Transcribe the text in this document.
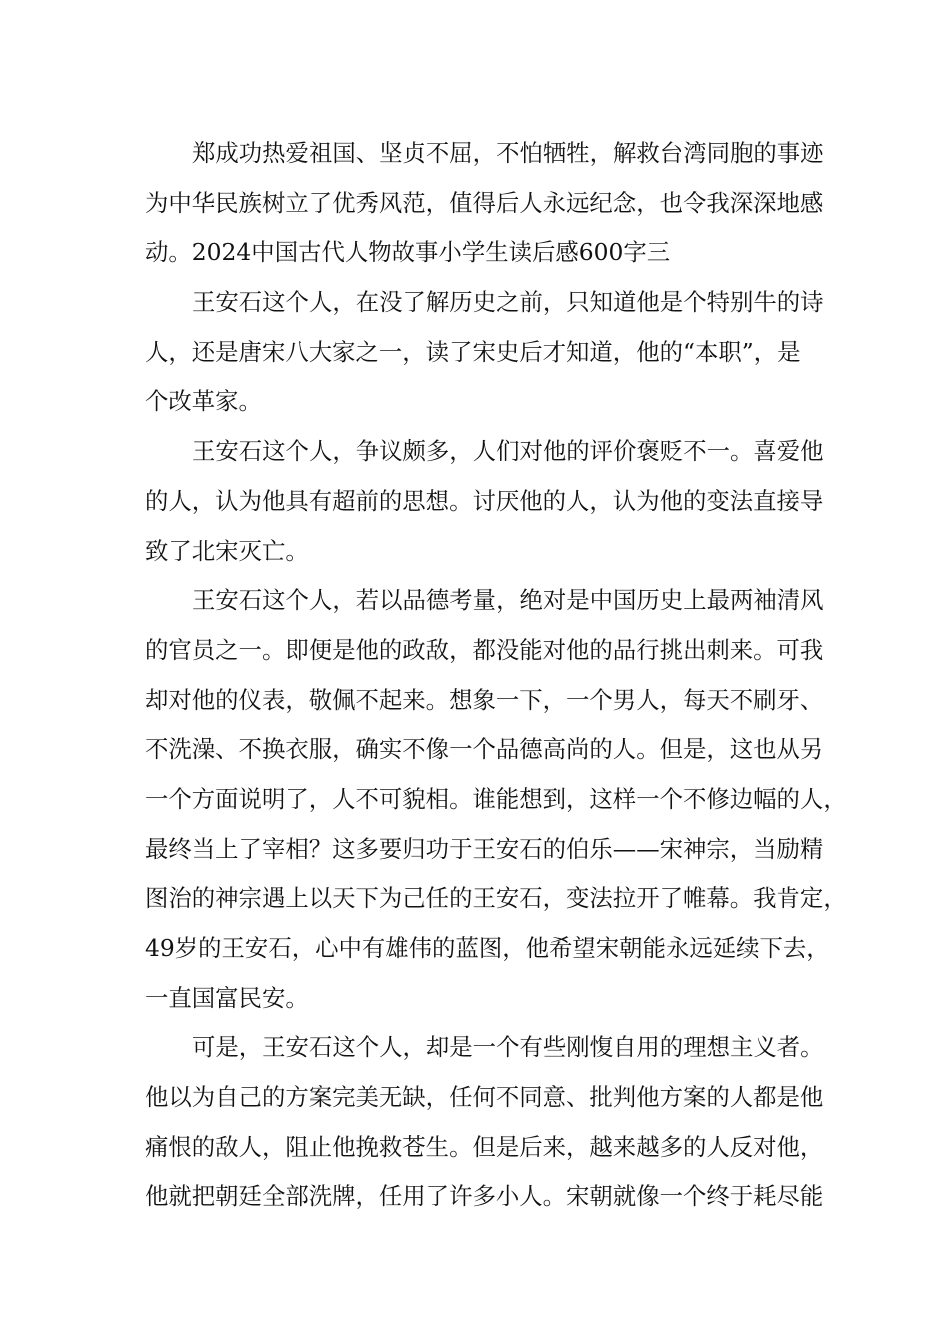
郑成功热爱祖国、坚贞不屈，不怕牺牲，解救台湾同胞的事迹
为中华民族树立了优秀风范，值得后人永远纪念，也令我深深地感
动。2024中国古代人物故事小学生读后感600字三
王安石这个人，在没了解历史之前，只知道他是个特别牛的诗
人，还是唐宋八大家之一，读了宋史后才知道，他的“本职”，是
个改革家。
王安石这个人，争议颇多，人们对他的评价褒贬不一。喜爱他
的人，认为他具有超前的思想。讨厌他的人，认为他的变法直接导
致了北宋灭亡。
王安石这个人，若以品德考量，绝对是中国历史上最两袖清风
的官员之一。即便是他的政敌，都没能对他的品行挑出刺来。可我
却对他的仪表，敬佩不起来。想象一下，一个男人，每天不刷牙、
不洗澡、不换衣服，确实不像一个品德高尚的人。但是，这也从另
一个方面说明了，人不可貌相。谁能想到，这样一个不修边幅的人，
最终当上了宰相？这多要归功于王安石的伯乐——宋神宗，当励精
图治的神宗遇上以天下为己任的王安石，变法拉开了帷幕。我肯定，
49岁的王安石，心中有雄伟的蓝图，他希望宋朝能永远延续下去，
一直国富民安。
可是，王安石这个人，却是一个有些刚愎自用的理想主义者。
他以为自己的方案完美无缺，任何不同意、批判他方案的人都是他
痛恨的敌人，阻止他挽救苍生。但是后来，越来越多的人反对他，
他就把朝廷全部洗牌，任用了许多小人。宋朝就像一个终于耗尽能
